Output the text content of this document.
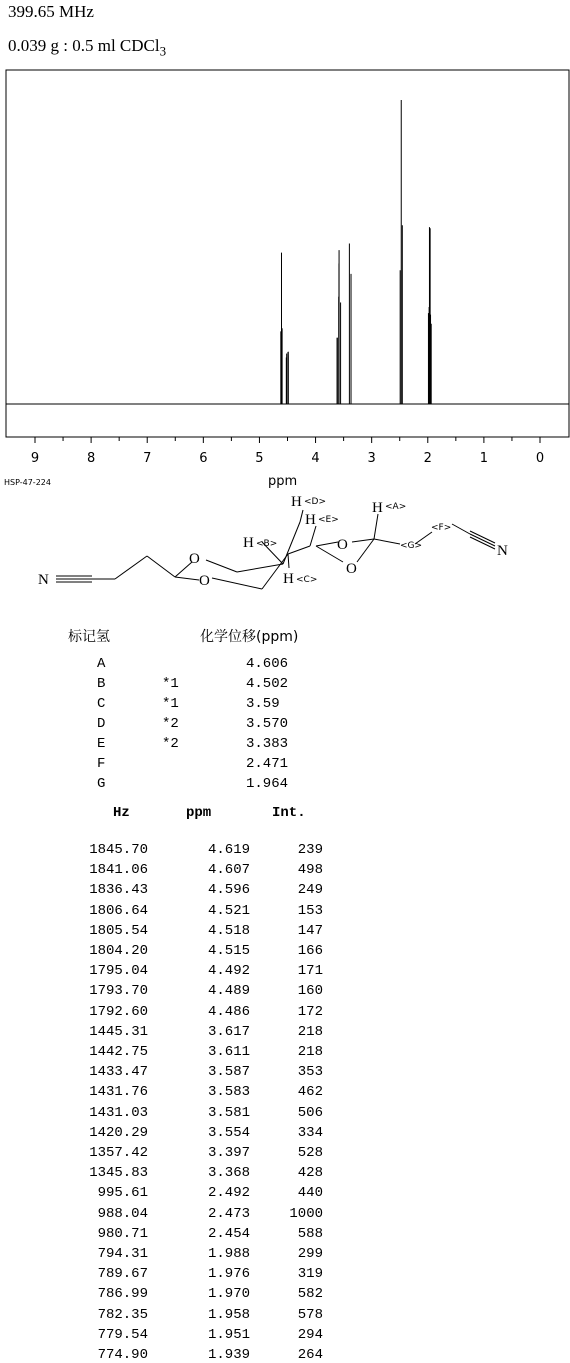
399.65 MHz
0.039 g : 0.5 ml CDCl$_3$
9	8	7	6	5	4	3	2	1	0
ppm
HSP-47-224
N
N
O
O
O
O
H
H
H
H
H
<A>
<B>
<C>
<D>
<E>
<F>
<G>
标记氢	化学位移(ppm)
A	4.606
B	*1	4.502
C	*1	3.59
D	*2	3.570
E	*2	3.383
F	2.471
G	1.964
Hz	ppm	Int.
1845.70	4.619	239
1841.06	4.607	498
1836.43	4.596	249
1806.64	4.521	153
1805.54	4.518	147
1804.20	4.515	166
1795.04	4.492	171
1793.70	4.489	160
1792.60	4.486	172
1445.31	3.617	218
1442.75	3.611	218
1433.47	3.587	353
1431.76	3.583	462
1431.03	3.581	506
1420.29	3.554	334
1357.42	3.397	528
1345.83	3.368	428
995.61	2.492	440
988.04	2.473	1000
980.71	2.454	588
794.31	1.988	299
789.67	1.976	319
786.99	1.970	582
782.35	1.958	578
779.54	1.951	294
774.90	1.939	264
